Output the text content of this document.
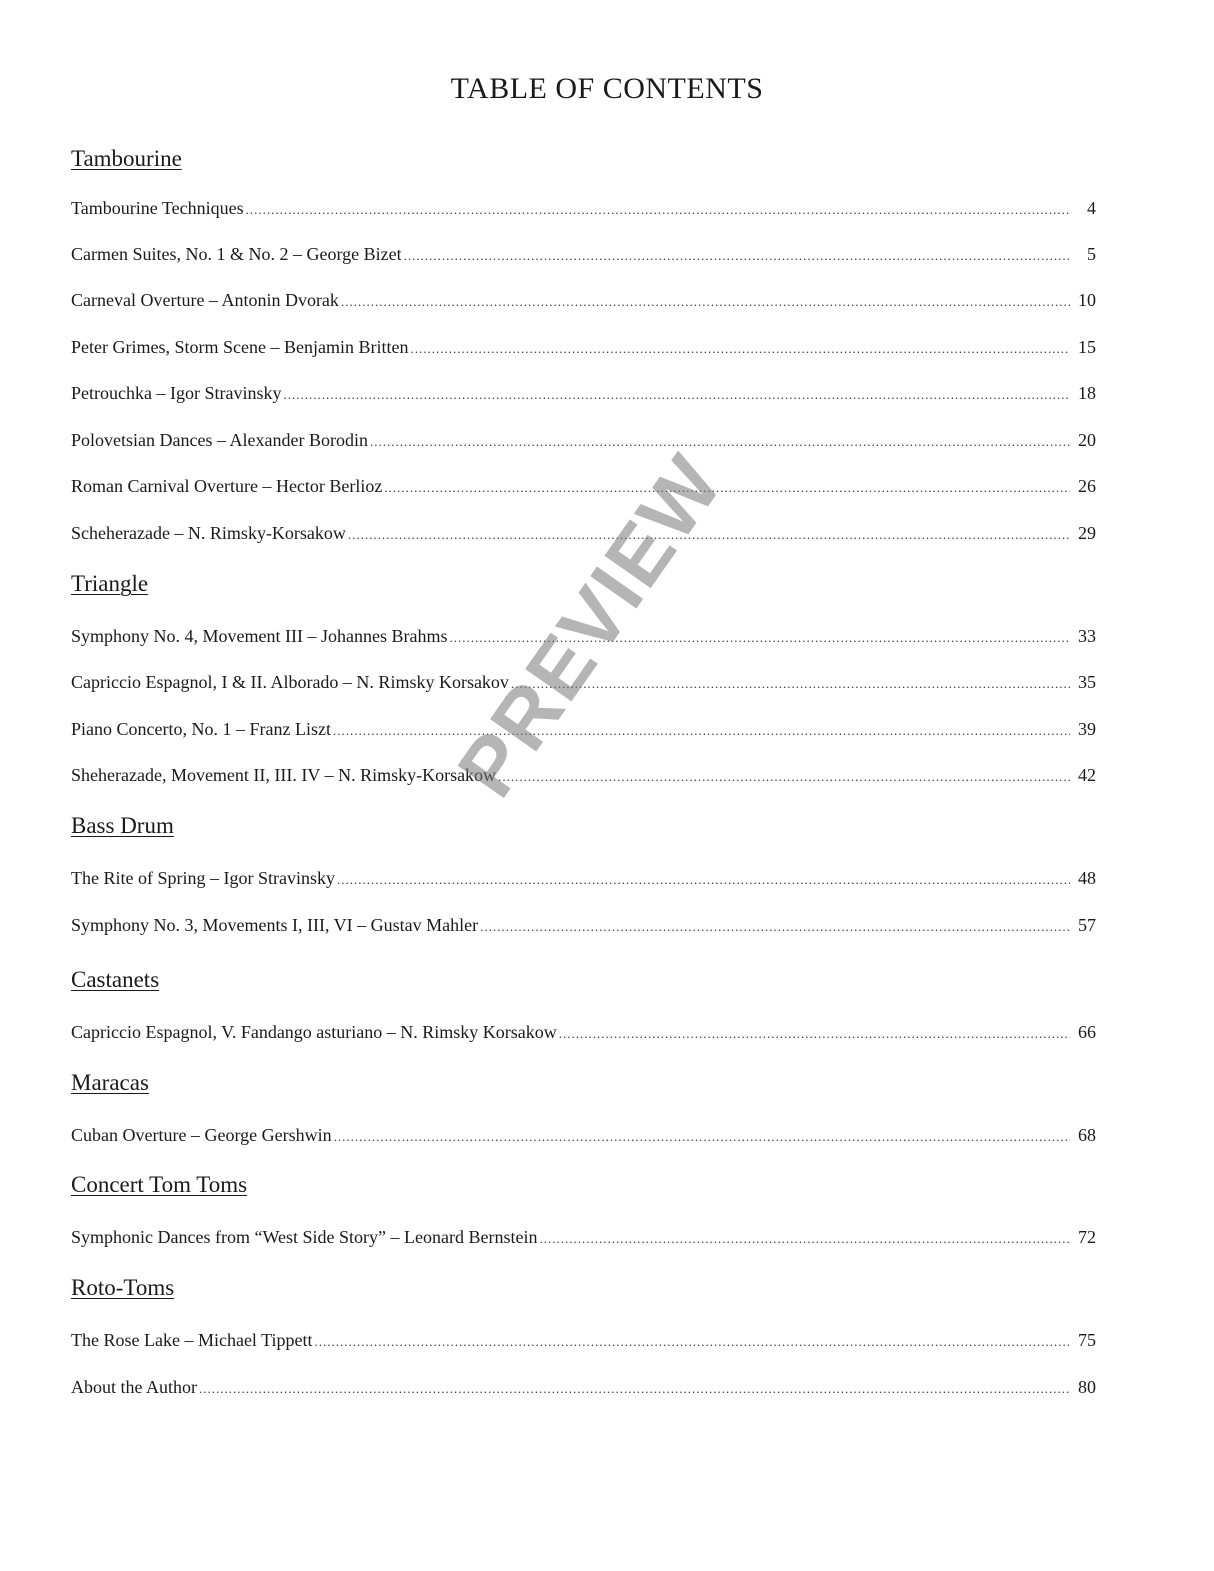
TABLE OF CONTENTS
Tambourine
Tambourine Techniques .....	4
Carmen Suites, No. 1 & No. 2 – George Bizet .....	5
Carneval Overture – Antonin Dvorak .....	10
Peter Grimes, Storm Scene – Benjamin Britten .....	15
Petrouchka – Igor Stravinsky .....	18
Polovetsian Dances – Alexander Borodin .....	20
Roman Carnival Overture – Hector Berlioz .....	26
Scheherazade – N. Rimsky-Korsakow .....	29
Triangle
Symphony No. 4, Movement III – Johannes Brahms .....	33
Capriccio Espagnol, I & II. Alborado – N. Rimsky Korsakov .....	35
Piano Concerto, No. 1 – Franz Liszt .....	39
Sheherazade, Movement II, III. IV – N. Rimsky-Korsakow .....	42
Bass Drum
The Rite of Spring – Igor Stravinsky .....	48
Symphony No. 3, Movements I, III, VI – Gustav Mahler .....	57
Castanets
Capriccio Espagnol, V. Fandango asturiano – N. Rimsky Korsakow .....	66
Maracas
Cuban Overture – George Gershwin .....	68
Concert Tom Toms
Symphonic Dances from “West Side Story” – Leonard Bernstein .....	72
Roto-Toms
The Rose Lake – Michael Tippett .....	75
About the Author .....	80
PREVIEW
